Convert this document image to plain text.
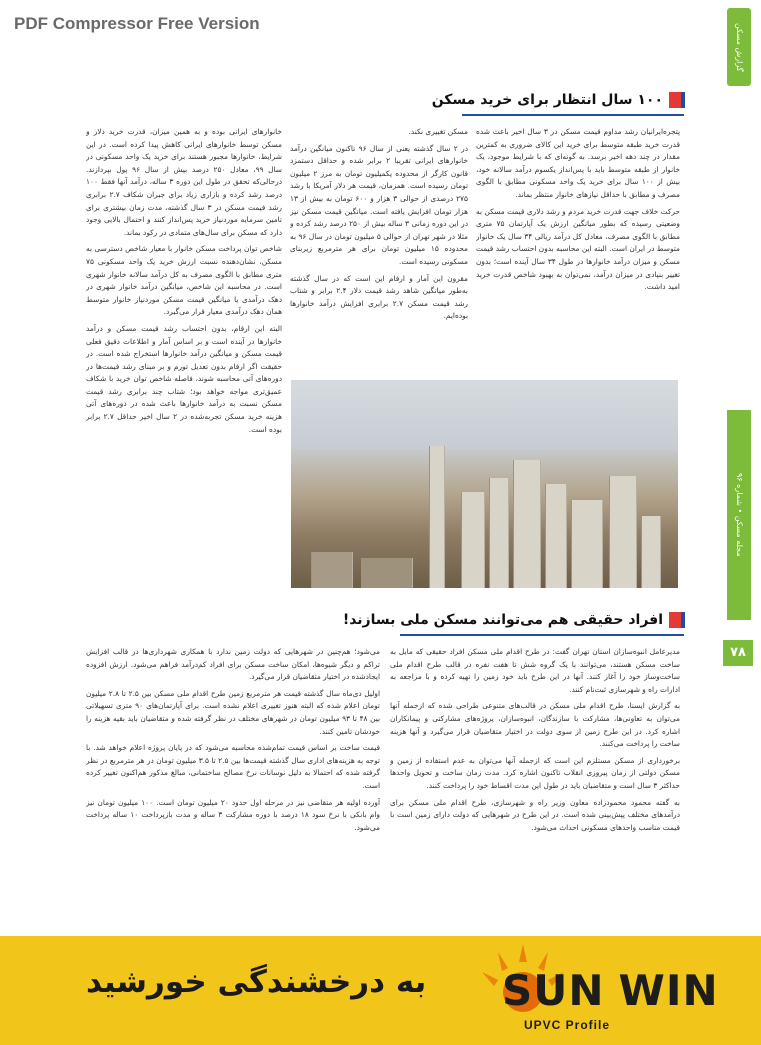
PDF Compressor Free Version	گزارش مسکن
مجله مسکن • شماره ۹۶
۷۸
۱۰۰ سال انتظار برای خرید مسکن

پتجره‌ایرانیان رشد مداوم قیمت مسکن در ۳ سال اخیر باعث شده قدرت خرید طبقه متوسط برای خرید این کالای ضروری به کمترین مقدار در چند دهه اخیر برسد. به گونه‌ای که با شرایط موجود، یک خانوار از طبقه متوسط باید با پس‌انداز یکسوم درآمد سالانه خود، بیش از ۱۰۰ سال برای خرید یک واحد مسکونی مطابق با الگوی مصرف و مطابق با حداقل نیازهای خانوار منتظر بماند.

حرکت خلاف جهت قدرت خرید مردم و رشد دلاری قیمت مسکن به وضعیتی رسیده که بطور میانگین ارزش یک آپارتمان ۷۵ متری مطابق با الگوی مصرف، معادل کل درآمد ریالی ۳۴ سال یک خانوار متوسط در ایران است. البته این محاسبه بدون احتساب رشد قیمت مسکن و میزان درآمد خانوارها در طول ۳۴ سال آینده است؛ بدون تغییر بنیادی در میزان درآمد، نمی‌توان به بهبود شاخص قدرت خرید امید داشت.

مسکن تغییری نکند.

در ۲ سال گذشته یعنی از سال ۹۶ تاکنون میانگین درآمد خانوارهای ایرانی تقریبا ۲ برابر شده و حداقل دستمزد قانون کارگر از محدوده یکمیلیون تومان به مرز ۲ میلیون تومان رسیده است. همزمان، قیمت هر دلار آمریکا با رشد ۲۷۵ درصدی از حوالی ۳ هزار و ۶۰۰ تومان به بیش از ۱۳ هزار تومان افزایش یافته است. میانگین قیمت مسکن نیز در این دوره زمانی ۳ ساله بیش از ۲۵۰ درصد رشد کرده و مثلا در شهر تهران از حوالی ۵ میلیون تومان در سال ۹۶ به محدوده ۱۵ میلیون تومان برای هر مترمربع زیربنای مسکونی رسیده است.

مقرون این آمار و ارقام این است که در سال گذشته به‌طور میانگین شاهد رشد قیمت دلار ۲.۴ برابر و شتاب رشد قیمت مسکن ۲.۷ برابری افزایش درآمد خانوارها بوده‌ایم.

خانوارهای ایرانی بوده و به همین میزان، قدرت خرید دلار و مسکن توسط خانوارهای ایرانی کاهش پیدا کرده است. در این شرایط، خانوارها مجبور هستند برای خرید یک واحد مسکونی در سال ۹۹، معادل ۲۵۰ درصد بیش از سال ۹۶ پول بپردازند. درحالی‌که تحقق در طول این دوره ۳ ساله، درآمد آنها فقط ۱۰۰ درصد رشد کرده و بازاری زیاد برای جبران شکاف ۲.۷ برابری رشد قیمت مسکن در ۳ سال گذشته، مدت زمان بیشتری برای تامین سرمایه موردنیاز خرید پس‌انداز کنند و احتمال بالایی وجود دارد که مسکن برای سال‌های متمادی در رکود بماند.

شاخص توان پرداخت مسکن خانوار با معیار شاخص دسترسی به مسکن، نشان‌دهنده نسبت ارزش خرید یک واحد مسکونی ۷۵ متری مطابق با الگوی مصرف به کل درآمد سالانه خانوار شهری است. در محاسبه این شاخص، میانگین درآمد خانوار شهری در دهک درآمدی یا میانگین قیمت مسکن موردنیاز خانوار متوسط همان دهک درآمدی معیار قرار می‌گیرد.

البته این ارقام، بدون احتساب رشد قیمت مسکن و درآمد خانوارها در آینده است و بر اساس آمار و اطلاعات دقیق فعلی قیمت مسکن و میانگین درآمد خانوارها استخراج شده است. در حقیقت اگر ارقام بدون تعدیل تورم و بر مبنای رشد قیمت‌ها در دوره‌های آتی محاسبه شوند، فاصله شاخص توان خرید با شکاف عمیق‌تری مواجه خواهد بود؛ شتاب چند برابری رشد قیمت مسکن نسبت به درآمد خانوارها باعث شده در دوره‌های آتی هزینه خرید مسکن تجربه‌شده در ۲ سال اخیر حداقل ۲.۷ برابر بوده است.

افراد حقیقی هم می‌توانند مسکن ملی بسازند!

مدیرعامل انبوه‌سازان استان تهران گفت: در طرح اقدام ملی مسکن افراد حقیقی که مایل به ساخت مسکن هستند، می‌توانند با یک گروه شش تا هفت نفره در قالب طرح اقدام ملی ساخت‌وساز خود را آغاز کنند. آنها در این طرح باید خود زمین را تهیه کرده و با مراجعه به ادارات راه و شهرسازی ثبت‌نام کنند.

به گزارش ایسنا، طرح اقدام ملی مسکن در قالب‌های متنوعی طراحی شده که ازجمله آنها می‌توان به تعاونی‌ها، مشارکت با سازندگان، انبوه‌سازان، پروژه‌های مشارکتی و پیمانکاران اشاره کرد. در این طرح زمین از سوی دولت در اختیار متقاضیان قرار می‌گیرد و آنها هزینه ساخت را پرداخت می‌کنند.

برخورداری از مسکن مستلزم این است که ازجمله آنها می‌توان به عدم استفاده از زمین و مسکن دولتی از زمان پیروزی انقلاب تاکنون اشاره کرد. مدت زمان ساخت و تحویل واحدها حداکثر ۳ سال است و متقاضیان باید در طول این مدت اقساط خود را پرداخت کنند.

به گفته محمود محمودزاده معاون وزیر راه و شهرسازی، طرح اقدام ملی مسکن برای درآمدهای مختلف پیش‌بینی شده است. در این طرح در شهرهایی که دولت دارای زمین است با قیمت مناسب واحدهای مسکونی احداث می‌شود.

می‌شود؛ هم‌چنین در شهرهایی که دولت زمین ندارد با همکاری شهرداری‌ها در قالب افزایش تراکم و دیگر شیوه‌ها، امکان ساخت مسکن برای افراد کم‌درآمد فراهم می‌شود. ارزش افزوده ایجادشده در اختیار متقاضیان قرار می‌گیرد.

اولیل دی‌ماه سال گذشته قیمت هر مترمربع زمین طرح اقدام ملی مسکن بین ۲.۵ تا ۲.۸ میلیون تومان اعلام شده که البته هنوز تغییری اعلام نشده است. برای آپارتمان‌های ۹۰ متری تسهیلاتی بین ۴۸ تا ۹۳ میلیون تومان در شهرهای مختلف در نظر گرفته شده و متقاضیان باید بقیه هزینه را خودشان تامین کنند.

قیمت ساخت بر اساس قیمت تمام‌شده محاسبه می‌شود که در پایان پروژه اعلام خواهد شد. با توجه به هزینه‌های اداری سال گذشته قیمت‌ها بین ۲.۵ تا ۳.۵ میلیون تومان در هر مترمربع در نظر گرفته شده که احتمالا به دلیل نوسانات نرخ مصالح ساختمانی، مبالغ مذکور هم‌اکنون تغییر کرده است.

آورده اولیه هر متقاضی نیز در مرحله اول حدود ۲۰ میلیون تومان است. ۱۰۰ میلیون تومان نیز وام بانکی با نرخ سود ۱۸ درصد با دوره مشارکت ۳ ساله و مدت بازپرداخت ۱۰ ساله پرداخت می‌شود.

به درخشندگی خورشید SUN WIN
UPVC Profile
